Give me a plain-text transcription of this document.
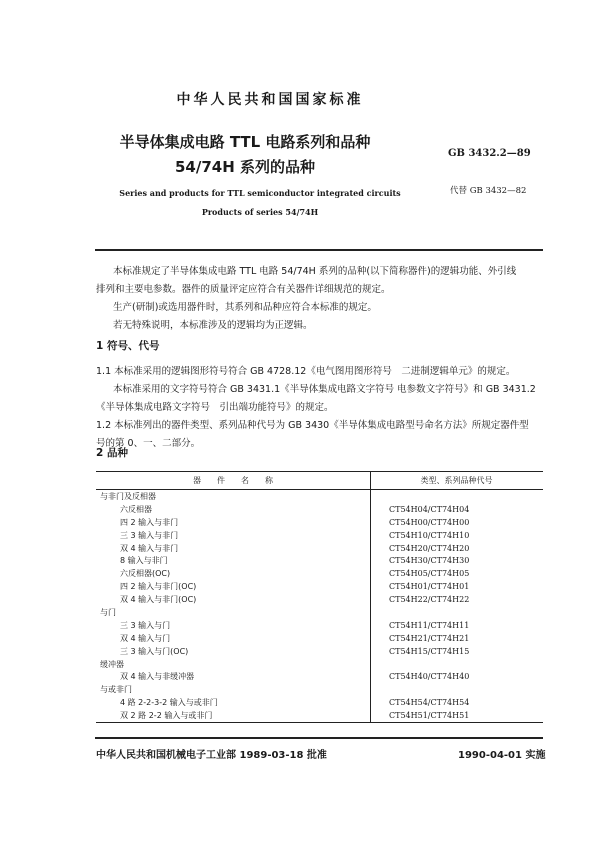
中华人民共和国国家标准
半导体集成电路 TTL 电路系列和品种
54/74H 系列的品种
GB 3432.2—89
代替 GB 3432—82
Series and products for TTL semiconductor integrated circuits
Products of series 54/74H
本标准规定了半导体集成电路 TTL 电路 54/74H 系列的品种(以下简称器件)的逻辑功能、外引线
排列和主要电参数。器件的质量评定应符合有关器件详细规范的规定。
生产(研制)或选用器件时，其系列和品种应符合本标准的规定。
若无特殊说明，本标准涉及的逻辑均为正逻辑。
1 符号、代号
1.1 本标准采用的逻辑图形符号符合 GB 4728.12《电气图用图形符号　二进制逻辑单元》的规定。
本标准采用的文字符号符合 GB 3431.1《半导体集成电路文字符号 电参数文字符号》和 GB 3431.2
《半导体集成电路文字符号　引出端功能符号》的规定。
1.2 本标准列出的器件类型、系列品种代号为 GB 3430《半导体集成电路型号命名方法》所规定器件型
号的第 0、一、二部分。
2 品种
器　　件　　名　　称	类型、系列品种代号
与非门及反相器	
六反相器	CT54H04/CT74H04
四 2 输入与非门	CT54H00/CT74H00
三 3 输入与非门	CT54H10/CT74H10
双 4 输入与非门	CT54H20/CT74H20
8 输入与非门	CT54H30/CT74H30
六反相器(OC)	CT54H05/CT74H05
四 2 输入与非门(OC)	CT54H01/CT74H01
双 4 输入与非门(OC)	CT54H22/CT74H22
与门	
三 3 输入与门	CT54H11/CT74H11
双 4 输入与门	CT54H21/CT74H21
三 3 输入与门(OC)	CT54H15/CT74H15
缓冲器	
双 4 输入与非缓冲器	CT54H40/CT74H40
与或非门	
4 路 2-2-3-2 输入与或非门	CT54H54/CT74H54
双 2 路 2-2 输入与或非门	CT54H51/CT74H51
中华人民共和国机械电子工业部 1989-03-18 批准	1990-04-01 实施
